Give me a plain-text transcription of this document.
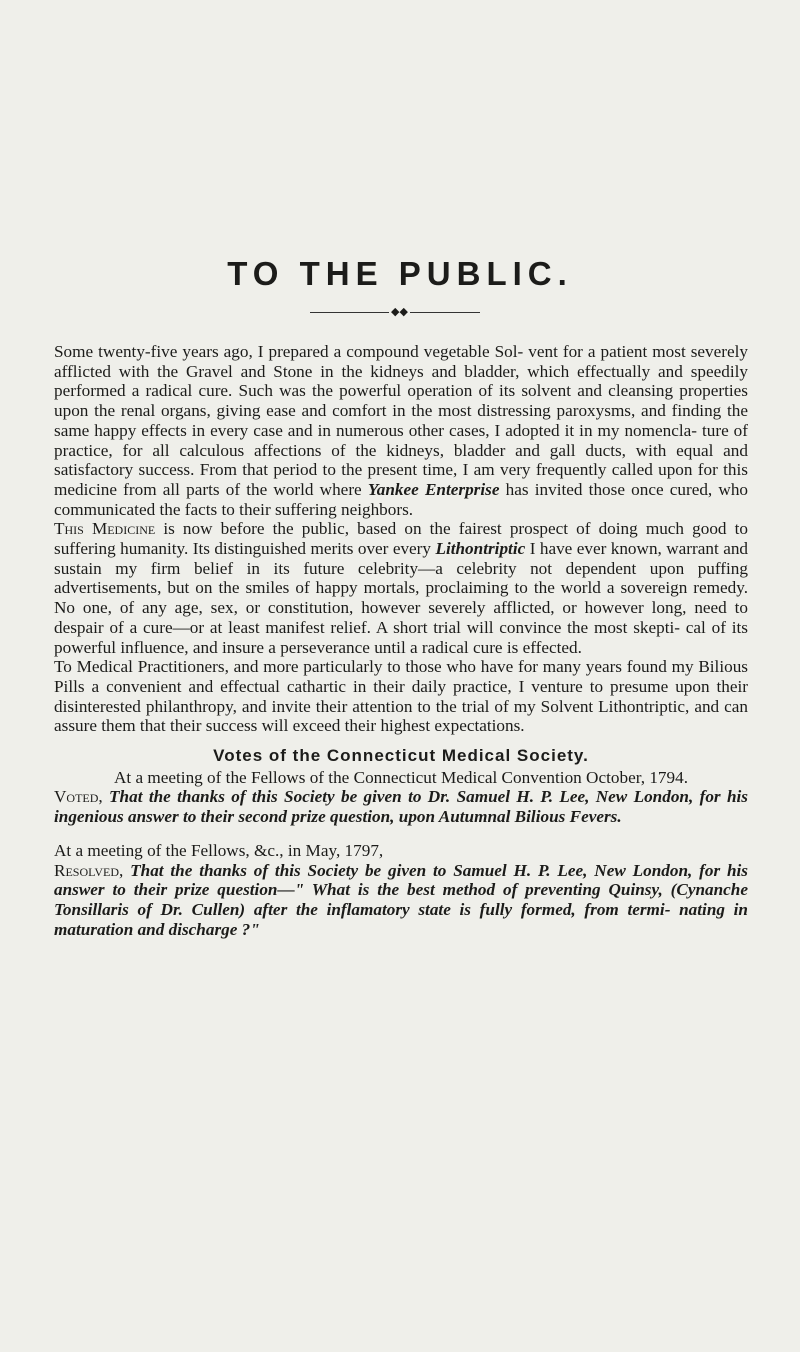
TO THE PUBLIC.
◆◆

Some twenty-five years ago, I prepared a compound vegetable Sol- vent for a patient most severely afflicted with the Gravel and Stone in the kidneys and bladder, which effectually and speedily performed a radical cure. Such was the powerful operation of its solvent and cleansing properties upon the renal organs, giving ease and comfort in the most distressing paroxysms, and finding the same happy effects in every case and in numerous other cases, I adopted it in my nomencla- ture of practice, for all calculous affections of the kidneys, bladder and gall ducts, with equal and satisfactory success. From that period to the present time, I am very frequently called upon for this medicine from all parts of the world where Yankee Enterprise has invited those once cured, who communicated the facts to their suffering neighbors.

This Medicine is now before the public, based on the fairest prospect of doing much good to suffering humanity. Its distinguished merits over every Lithontriptic I have ever known, warrant and sustain my firm belief in its future celebrity—a celebrity not dependent upon puffing advertisements, but on the smiles of happy mortals, proclaiming to the world a sovereign remedy. No one, of any age, sex, or constitution, however severely afflicted, or however long, need to despair of a cure—or at least manifest relief. A short trial will convince the most skepti- cal of its powerful influence, and insure a perseverance until a radical cure is effected.

To Medical Practitioners, and more particularly to those who have for many years found my Bilious Pills a convenient and effectual cathartic in their daily practice, I venture to presume upon their disinterested philanthropy, and invite their attention to the trial of my Solvent Lithontriptic, and can assure them that their success will exceed their highest expectations.

Votes of the Connecticut Medical Society.

At a meeting of the Fellows of the Connecticut Medical Convention October, 1794.

Voted, That the thanks of this Society be given to Dr. Samuel H. P. Lee, New London, for his ingenious answer to their second prize question, upon Autumnal Bilious Fevers.

At a meeting of the Fellows, &c., in May, 1797,

Resolved, That the thanks of this Society be given to Samuel H. P. Lee, New London, for his answer to their prize question—" What is the best method of preventing Quinsy, (Cynanche Tonsillaris of Dr. Cullen) after the inflamatory state is fully formed, from termi- nating in maturation and discharge ?"
